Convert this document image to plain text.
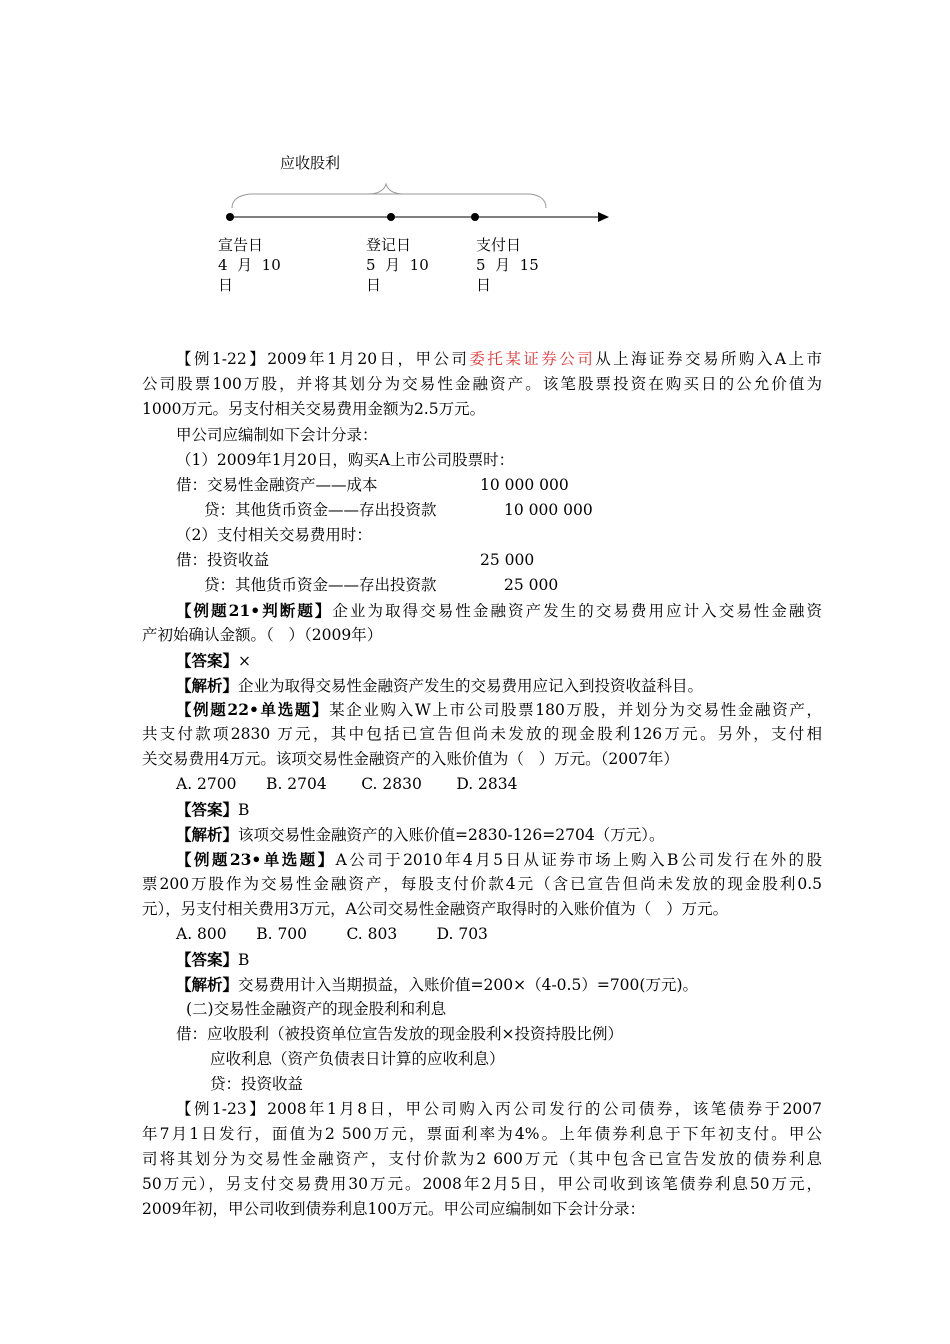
应收股利
宣告日
4 月 10
日
登记日
5 月 10
日
支付日
5 月 15
日
【例1-22】2009年1月20日，甲公司委托某证券公司从上海证券交易所购入A上市
公司股票100万股，并将其划分为交易性金融资产。该笔股票投资在购买日的公允价值为
1000万元。另支付相关交易费用金额为2.5万元。
甲公司应编制如下会计分录：
（1）2009年1月20日，购买A上市公司股票时：
借：交易性金融资产——成本	10 000 000
贷：其他货币资金——存出投资款	10 000 000
（2）支付相关交易费用时：
借：投资收益	25 000
贷：其他货币资金——存出投资款	25 000
【例题21•判断题】企业为取得交易性金融资产发生的交易费用应计入交易性金融资
产初始确认金额。（   ）（2009年）
【答案】×
【解析】企业为取得交易性金融资产发生的交易费用应记入到投资收益科目。
【例题22•单选题】某企业购入W上市公司股票180万股，并划分为交易性金融资产，
共支付款项2830 万元，其中包括已宣告但尚未发放的现金股利126万元。另外，支付相
关交易费用4万元。该项交易性金融资产的入账价值为（   ）万元。（2007年）
A. 2700      B. 2704       C. 2830       D. 2834
【答案】B
【解析】该项交易性金融资产的入账价值=2830-126=2704（万元）。
【例题23•单选题】A公司于2010年4月5日从证券市场上购入B公司发行在外的股
票200万股作为交易性金融资产，每股支付价款4元（含已宣告但尚未发放的现金股利0.5
元），另支付相关费用3万元，A公司交易性金融资产取得时的入账价值为（   ）万元。
A. 800      B. 700        C. 803        D. 703
【答案】B
【解析】交易费用计入当期损益，入账价值=200×（4-0.5）=700(万元)。
(二)交易性金融资产的现金股利和利息
借：应收股利（被投资单位宣告发放的现金股利×投资持股比例）
应收利息（资产负债表日计算的应收利息）
贷：投资收益
【例1-23】2008年1月8日，甲公司购入丙公司发行的公司债券，该笔债券于2007
年7月1日发行，面值为2 500万元，票面利率为4%。上年债券利息于下年初支付。甲公
司将其划分为交易性金融资产，支付价款为2 600万元（其中包含已宣告发放的债券利息
50万元），另支付交易费用30万元。2008年2月5日，甲公司收到该笔债券利息50万元，
2009年初，甲公司收到债券利息100万元。甲公司应编制如下会计分录：
